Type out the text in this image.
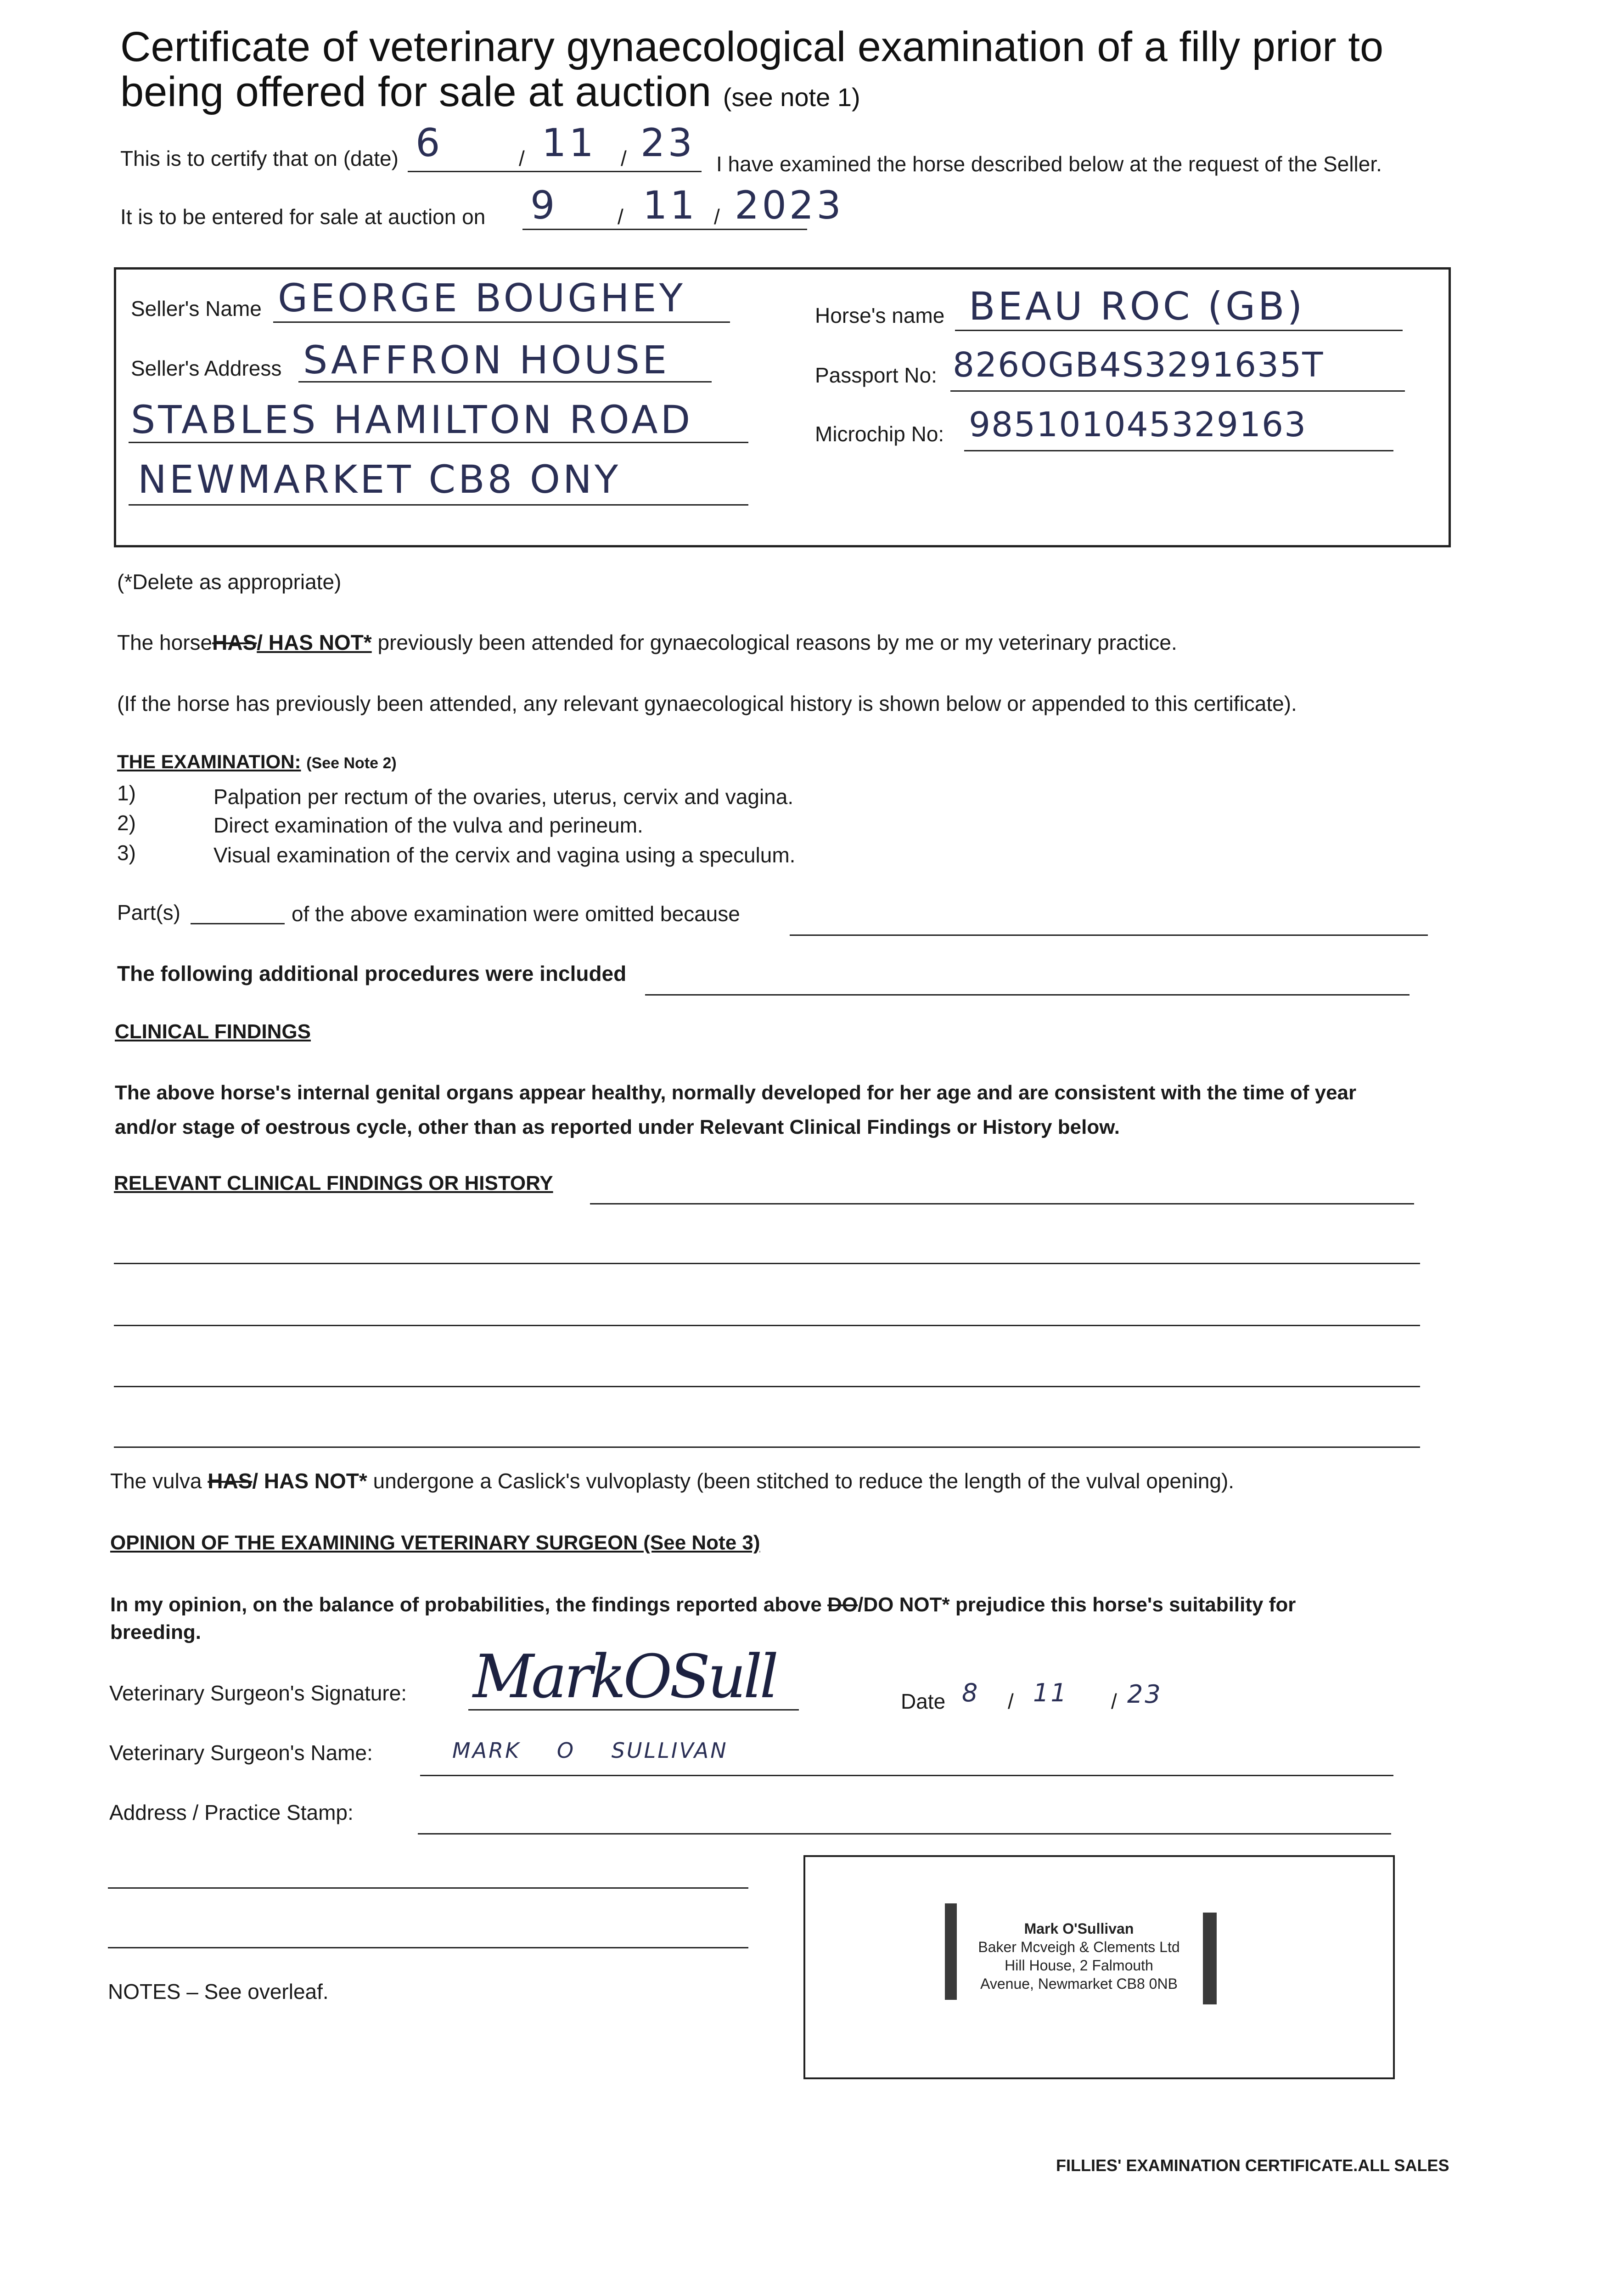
Certificate of veterinary gynaecological examination of a filly prior to
being offered for sale at auction (see note 1)
This is to certify that on (date) 6	/ 11 / 23 I have examined the horse described below at the request of the Seller.
It is to be entered for sale at auction on 9	/ 11 / 2023
Seller's Name GEORGE BOUGHEY
Seller's Address SAFFRON HOUSE
STABLES HAMILTON ROAD
NEWMARKET CB8 ONY
Horse's name BEAU ROC (GB)
Passport No: 826OGB4S3291635T
Microchip No: 985101045329163
(*Delete as appropriate)
The horseHAS/ HAS NOT* previously been attended for gynaecological reasons by me or my veterinary practice.
(If the horse has previously been attended, any relevant gynaecological history is shown below or appended to this certificate).
THE EXAMINATION: (See Note 2)
1)	Palpation per rectum of the ovaries, uterus, cervix and vagina.
2)	Direct examination of the vulva and perineum.
3)	Visual examination of the cervix and vagina using a speculum.
Part(s)	of the above examination were omitted because
The following additional procedures were included
CLINICAL FINDINGS
The above horse's internal genital organs appear healthy, normally developed for her age and are consistent with the time of year
and/or stage of oestrous cycle, other than as reported under Relevant Clinical Findings or History below.
RELEVANT CLINICAL FINDINGS OR HISTORY
The vulva HAS/ HAS NOT* undergone a Caslick's vulvoplasty (been stitched to reduce the length of the vulval opening).
OPINION OF THE EXAMINING VETERINARY SURGEON (See Note 3)
In my opinion, on the balance of probabilities, the findings reported above DO/DO NOT* prejudice this horse's suitability for
breeding.
Veterinary Surgeon's Signature: MarkOSull	Date 8 / 11 / 23
Veterinary Surgeon's Name:	MARK O SULLIVAN
Address / Practice Stamp:
Mark O'Sullivan
Baker Mcveigh & Clements Ltd
Hill House, 2 Falmouth
Avenue, Newmarket CB8 0NB
NOTES – See overleaf.
FILLIES' EXAMINATION CERTIFICATE.ALL SALES
